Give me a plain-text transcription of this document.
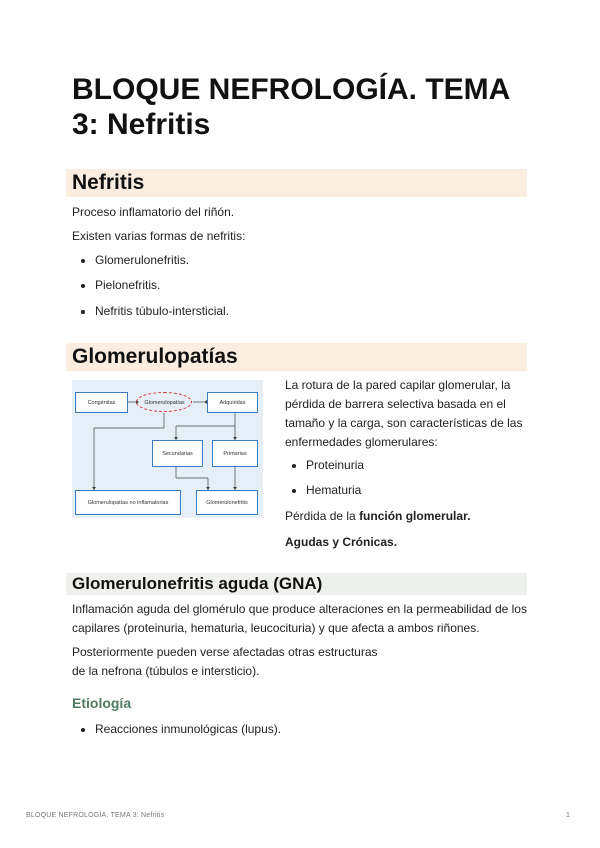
BLOQUE NEFROLOGÍA. TEMA 3: Nefritis
Nefritis

Proceso inflamatorio del riñón.

Existen varias formas de nefritis:

Glomerulonefritis.
Pielonefritis.
Nefritis túbulo-intersticial.
Glomerulopatías
Congénitas	Glomerulopatías	Adquiridas
Secundarias	Primarias
Glomerulopatías no inflamatorias	Glomerulonefritis

La rotura de la pared capilar glomerular, la pérdida de barrera selectiva basada en el tamaño y la carga, son características de las enfermedades glomerulares:

Proteinuria
Hematuria

Pérdida de la función glomerular.

Agudas y Crónicas.

Glomerulonefritis aguda (GNA)

Inflamación aguda del glomérulo que produce alteraciones en la permeabilidad de los capilares (proteinuria, hematuria, leucocituria) y que afecta a ambos riñones.

Posteriormente pueden verse afectadas otras estructuras

de la nefrona (túbulos e intersticio).

Etiología
Reacciones inmunológicas (lupus).
BLOQUE NEFROLOGÍA. TEMA 3: Nefritis	1
